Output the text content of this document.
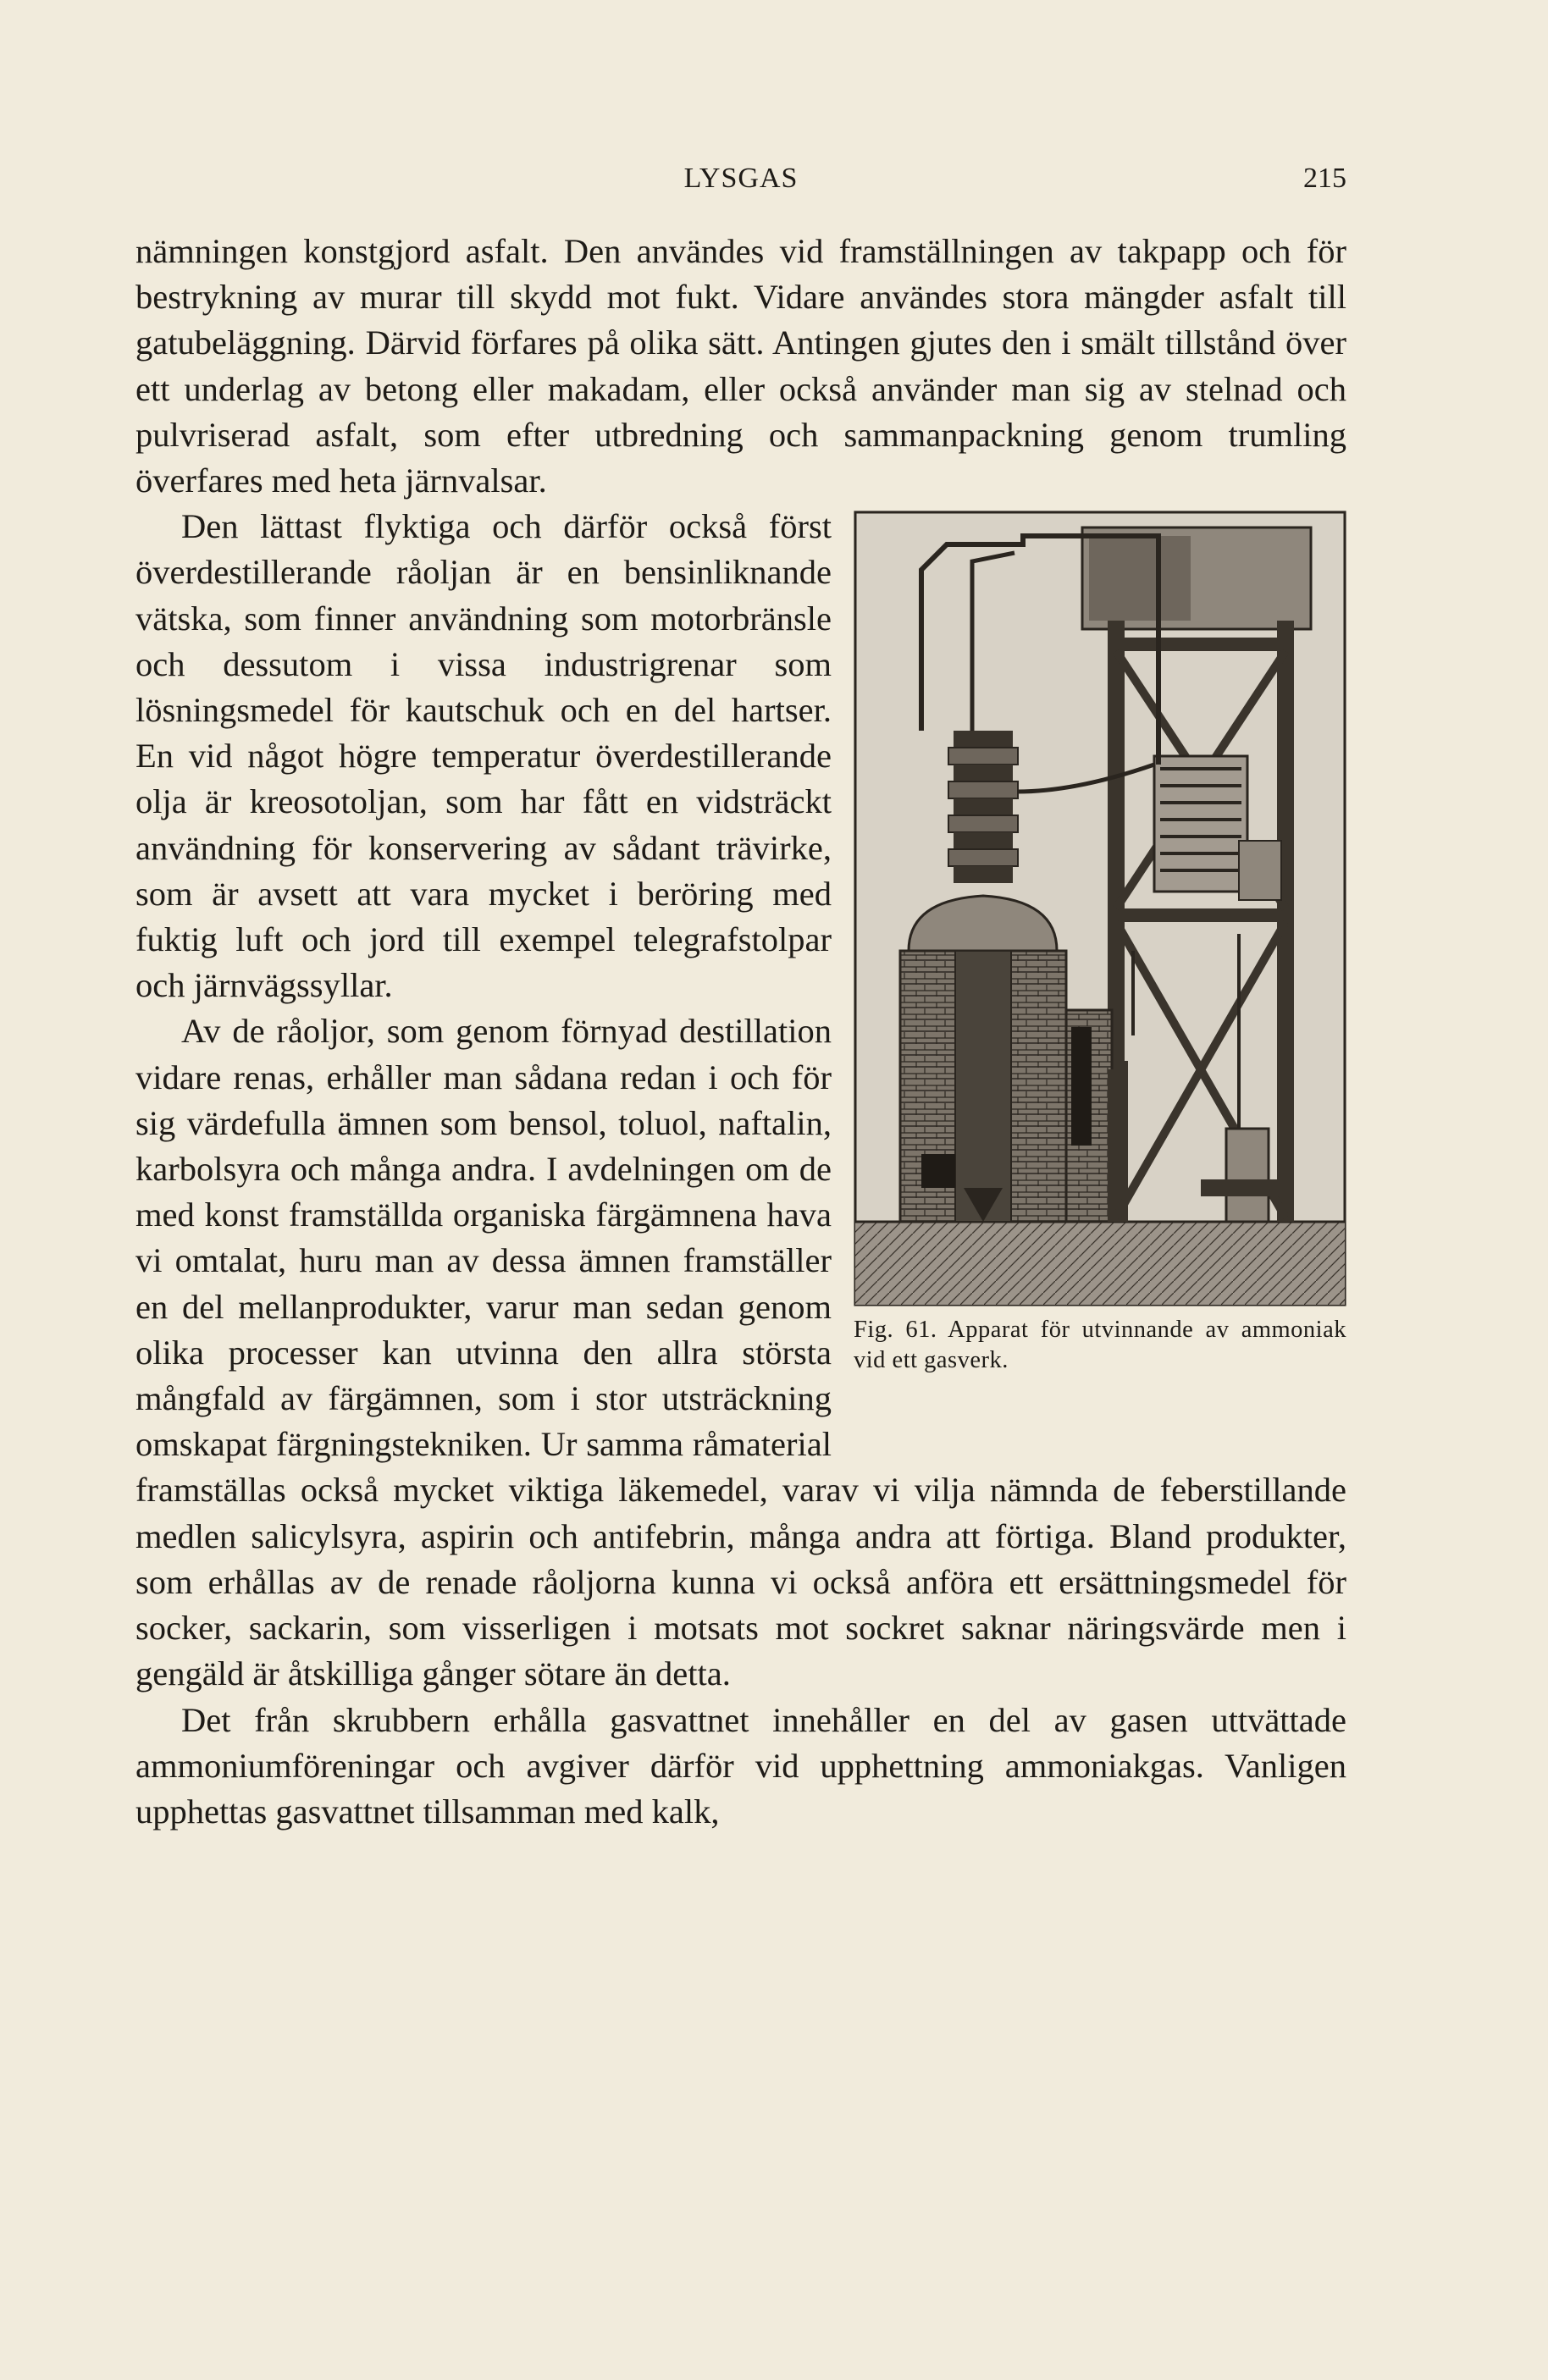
LYSGAS	215

nämningen konstgjord asfalt. Den användes vid framställningen av takpapp och för bestrykning av murar till skydd mot fukt. Vidare användes stora mängder asfalt till gatubeläggning. Därvid förfares på olika sätt. Antingen gjutes den i smält tillstånd över ett underlag av betong eller makadam, eller också använder man sig av stelnad och pulvriserad asfalt, som efter utbredning och sammanpackning genom trumling överfares med heta järnvalsar.

Fig. 61. Apparat för utvinnande av ammoniak vid ett gasverk.

Den lättast flyktiga och därför också först överdestillerande råoljan är en bensinliknande vätska, som finner användning som motorbränsle och dessutom i vissa industrigrenar som lösningsmedel för kautschuk och en del hartser. En vid något högre temperatur överdestillerande olja är kreosotoljan, som har fått en vidsträckt användning för konservering av sådant trävirke, som är avsett att vara mycket i beröring med fuktig luft och jord till exempel telegrafstolpar och järnvägssyllar.

Av de råoljor, som genom förnyad destillation vidare renas, erhåller man sådana redan i och för sig värdefulla ämnen som bensol, toluol, naftalin, karbolsyra och många andra. I avdelningen om de med konst framställda organiska färgämnena hava vi omtalat, huru man av dessa ämnen framställer en del mellanprodukter, varur man sedan genom olika processer kan utvinna den allra största mångfald av färgämnen, som i stor utsträckning omskapat färgningstekniken. Ur samma råmaterial framställas också mycket viktiga läkemedel, varav vi vilja nämnda de feberstillande medlen salicylsyra, aspirin och antifebrin, många andra att förtiga. Bland produkter, som erhållas av de renade råoljorna kunna vi också anföra ett ersättningsmedel för socker, sackarin, som visserligen i motsats mot sockret saknar näringsvärde men i gengäld är åtskilliga gånger sötare än detta.

Det från skrubbern erhålla gasvattnet innehåller en del av gasen uttvättade ammoniumföreningar och avgiver därför vid upphettning ammoniakgas. Vanligen upphettas gasvattnet tillsamman med kalk,
